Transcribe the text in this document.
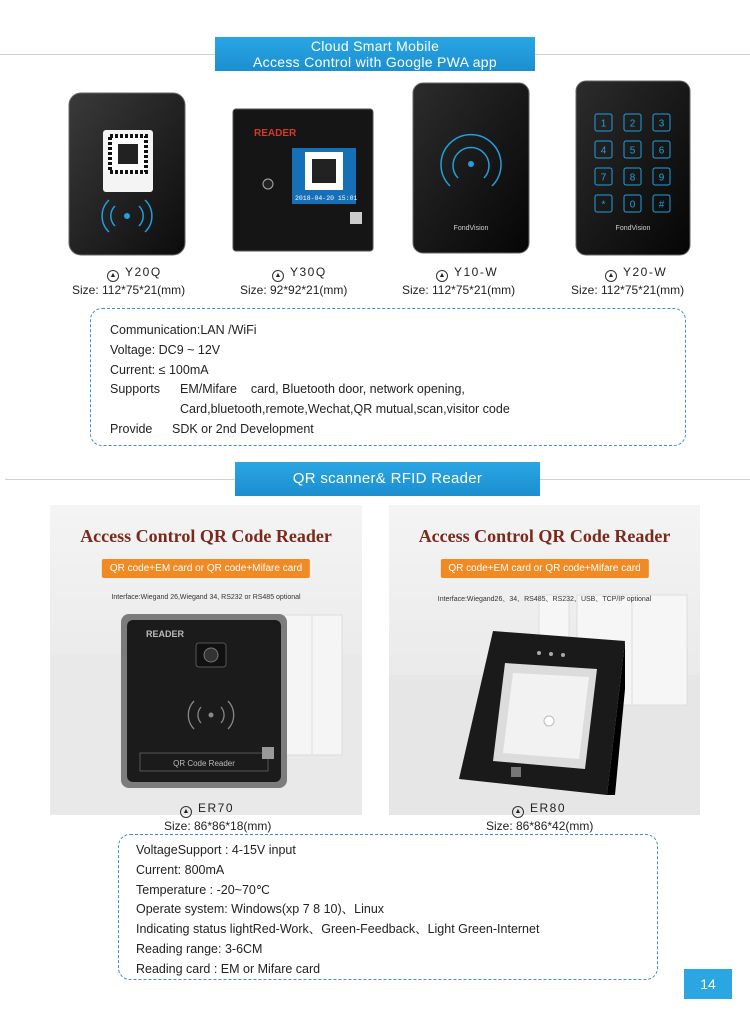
Cloud Smart Mobile
Access Control with Google PWA app
READER
2018-04-20 15:01
FondVision
1 2 3
4 5 6
7 8 9
* 0 #
FondVision
▲ Y20Q
Size: 112*75*21(mm)
▲ Y30Q
Size: 92*92*21(mm)
▲ Y10-W
Size: 112*75*21(mm)
▲ Y20-W
Size: 112*75*21(mm)
Communication:LAN /WiFi
Voltage: DC9 ~ 12V
Current: ≤ 100mA
Supports	EM/Mifare    card, Bluetooth door, network opening,
Card,bluetooth,remote,Wechat,QR mutual,scan,visitor code
Provide	SDK or 2nd Development
QR scanner& RFID Reader
Access Control QR Code Reader
QR code+EM card or QR code+Mifare card
Interface:Wiegand 26,Wiegand 34, RS232 or RS485 optional
READER
QR Code Reader
Access Control QR Code Reader
QR code+EM card or QR code+Mifare card
Interface:Wiegand26、34、RS485、RS232、USB、TCP/IP optional
▲ ER70
Size: 86*86*18(mm)
▲ ER80
Size: 86*86*42(mm)
VoltageSupport : 4-15V input
Current: 800mA
Temperature : -20~70℃
Operate system: Windows(xp 7 8 10)、Linux
Indicating status lightRed-Work、Green-Feedback、Light Green-Internet
Reading range: 3-6CM
Reading card : EM or Mifare card
14
